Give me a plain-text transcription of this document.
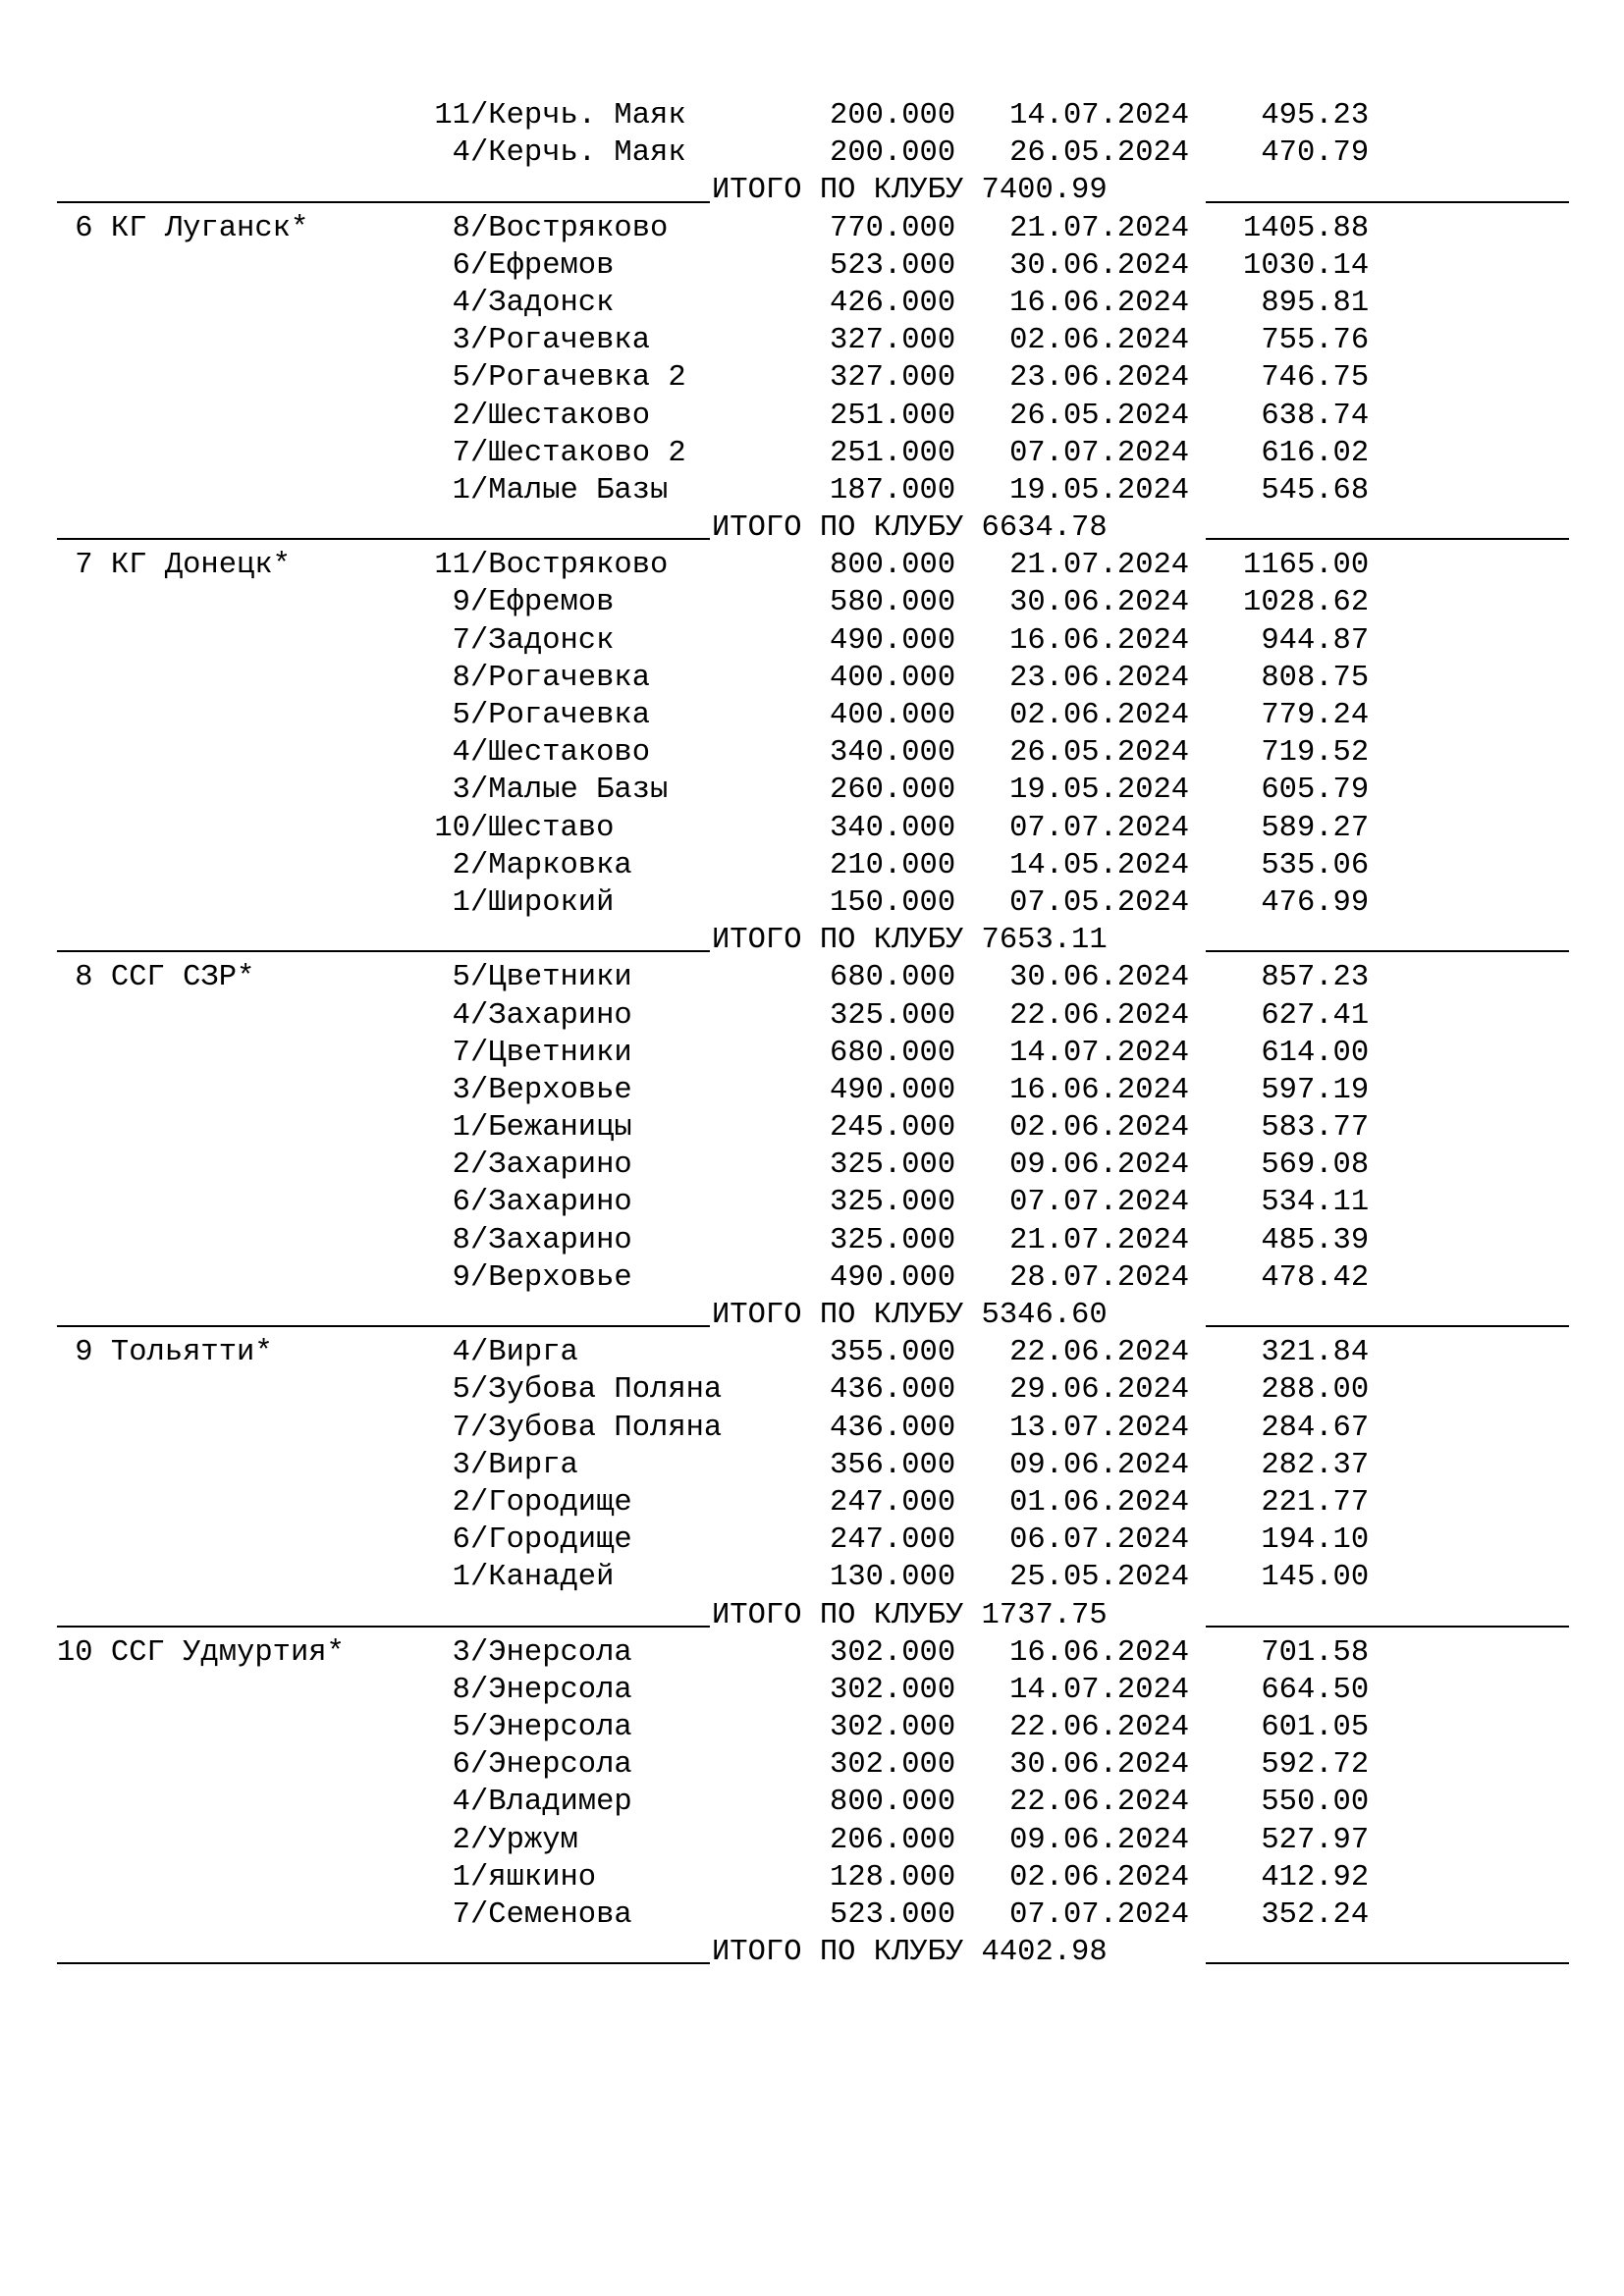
11/Керчь. Маяк        200.000   14.07.2024    495.23
4/Керчь. Маяк        200.000   26.05.2024    470.79
ИТОГО ПО КЛУБУ 7400.99
6 КГ Луганск*        8/Востряково         770.000   21.07.2024   1405.88
6/Ефремов            523.000   30.06.2024   1030.14
4/Задонск            426.000   16.06.2024    895.81
3/Рогачевка          327.000   02.06.2024    755.76
5/Рогачевка 2        327.000   23.06.2024    746.75
2/Шестаково          251.000   26.05.2024    638.74
7/Шестаково 2        251.000   07.07.2024    616.02
1/Малые Базы         187.000   19.05.2024    545.68
ИТОГО ПО КЛУБУ 6634.78
7 КГ Донецк*        11/Востряково         800.000   21.07.2024   1165.00
9/Ефремов            580.000   30.06.2024   1028.62
7/Задонск            490.000   16.06.2024    944.87
8/Рогачевка          400.000   23.06.2024    808.75
5/Рогачевка          400.000   02.06.2024    779.24
4/Шестаково          340.000   26.05.2024    719.52
3/Малые Базы         260.000   19.05.2024    605.79
10/Шеставо            340.000   07.07.2024    589.27
2/Марковка           210.000   14.05.2024    535.06
1/Широкий            150.000   07.05.2024    476.99
ИТОГО ПО КЛУБУ 7653.11
8 ССГ СЗР*           5/Цветники           680.000   30.06.2024    857.23
4/Захарино           325.000   22.06.2024    627.41
7/Цветники           680.000   14.07.2024    614.00
3/Верховье           490.000   16.06.2024    597.19
1/Бежаницы           245.000   02.06.2024    583.77
2/Захарино           325.000   09.06.2024    569.08
6/Захарино           325.000   07.07.2024    534.11
8/Захарино           325.000   21.07.2024    485.39
9/Верховье           490.000   28.07.2024    478.42
ИТОГО ПО КЛУБУ 5346.60
9 Тольятти*          4/Вирга              355.000   22.06.2024    321.84
5/Зубова Поляна      436.000   29.06.2024    288.00
7/Зубова Поляна      436.000   13.07.2024    284.67
3/Вирга              356.000   09.06.2024    282.37
2/Городище           247.000   01.06.2024    221.77
6/Городище           247.000   06.07.2024    194.10
1/Канадей            130.000   25.05.2024    145.00
ИТОГО ПО КЛУБУ 1737.75
10 ССГ Удмуртия*      3/Энерсола           302.000   16.06.2024    701.58
8/Энерсола           302.000   14.07.2024    664.50
5/Энерсола           302.000   22.06.2024    601.05
6/Энерсола           302.000   30.06.2024    592.72
4/Владимер           800.000   22.06.2024    550.00
2/Уржум              206.000   09.06.2024    527.97
1/яшкино             128.000   02.06.2024    412.92
7/Семенова           523.000   07.07.2024    352.24
ИТОГО ПО КЛУБУ 4402.98
